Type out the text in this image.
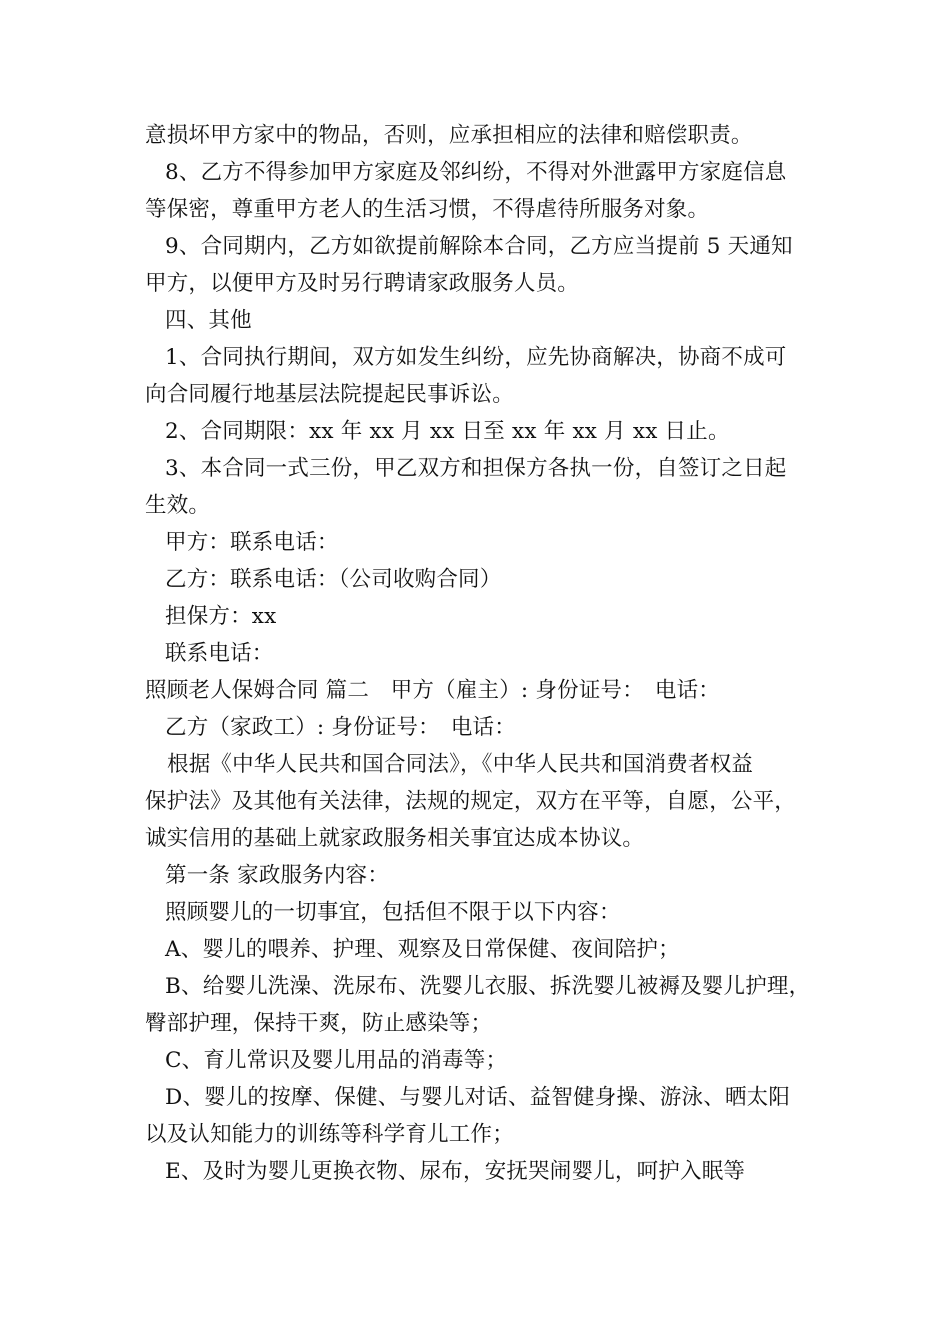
意损坏甲方家中的物品，否则，应承担相应的法律和赔偿职责。
8、乙方不得参加甲方家庭及邻纠纷，不得对外泄露甲方家庭信息
等保密，尊重甲方老人的生活习惯，不得虐待所服务对象。
9、合同期内，乙方如欲提前解除本合同，乙方应当提前 5 天通知
甲方，以便甲方及时另行聘请家政服务人员。
四、其他
1、合同执行期间，双方如发生纠纷，应先协商解决，协商不成可
向合同履行地基层法院提起民事诉讼。
2、合同期限：xx 年 xx 月 xx 日至 xx 年 xx 月 xx 日止。
3、本合同一式三份，甲乙双方和担保方各执一份，自签订之日起
生效。
甲方：联系电话：
乙方：联系电话：（公司收购合同）
担保方：xx
联系电话：
照顾老人保姆合同 篇二　甲方（雇主）: 身份证号：　电话：
乙方（家政工）: 身份证号：　电话：
根据《中华人民共和国合同法》，《中华人民共和国消费者权益
保护法》及其他有关法律，法规的规定，双方在平等，自愿，公平，
诚实信用的基础上就家政服务相关事宜达成本协议。
第一条 家政服务内容：
照顾婴儿的一切事宜，包括但不限于以下内容：
A、婴儿的喂养、护理、观察及日常保健、夜间陪护；
B、给婴儿洗澡、洗尿布、洗婴儿衣服、拆洗婴儿被褥及婴儿护理，
臀部护理，保持干爽，防止感染等；
C、育儿常识及婴儿用品的消毒等；
D、婴儿的按摩、保健、与婴儿对话、益智健身操、游泳、晒太阳
以及认知能力的训练等科学育儿工作；
E、及时为婴儿更换衣物、尿布，安抚哭闹婴儿，呵护入眠等
